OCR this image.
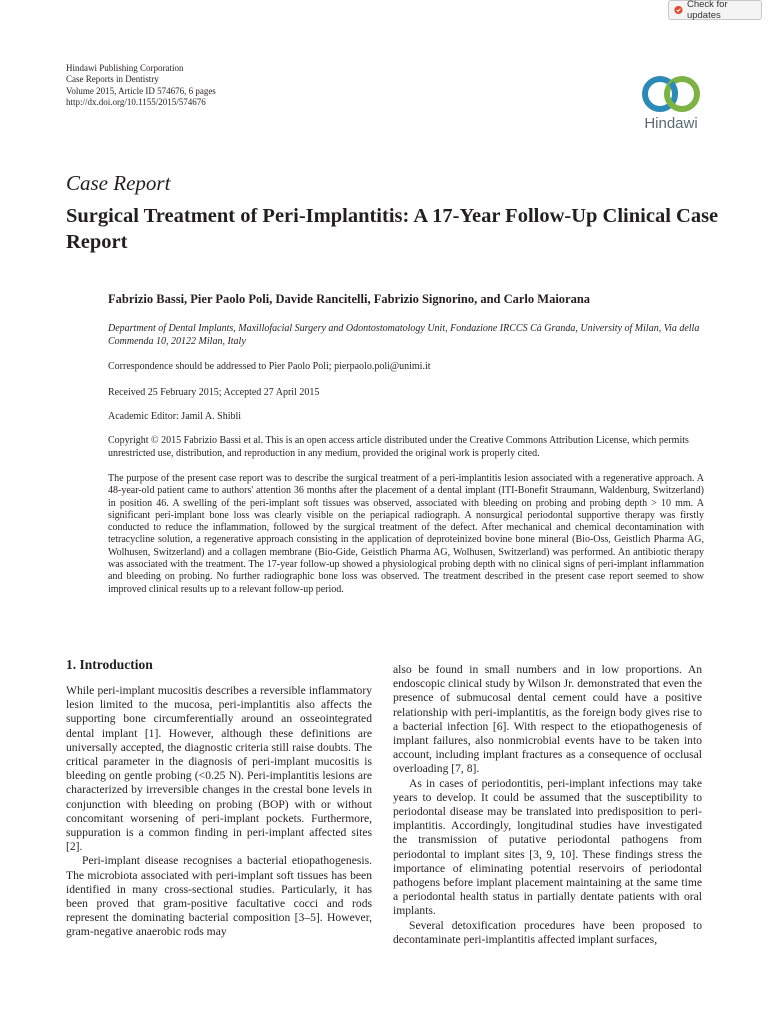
Check for updates
Hindawi Publishing Corporation
Case Reports in Dentistry
Volume 2015, Article ID 574676, 6 pages
http://dx.doi.org/10.1155/2015/574676
Hindawi
Case Report
Surgical Treatment of Peri-Implantitis: A 17-Year Follow-Up Clinical Case Report
Fabrizio Bassi, Pier Paolo Poli, Davide Rancitelli, Fabrizio Signorino, and Carlo Maiorana
Department of Dental Implants, Maxillofacial Surgery and Odontostomatology Unit, Fondazione IRCCS Cà Granda, University of Milan, Via della Commenda 10, 20122 Milan, Italy
Correspondence should be addressed to Pier Paolo Poli; pierpaolo.poli@unimi.it
Received 25 February 2015; Accepted 27 April 2015
Academic Editor: Jamil A. Shibli
Copyright © 2015 Fabrizio Bassi et al. This is an open access article distributed under the Creative Commons Attribution License, which permits unrestricted use, distribution, and reproduction in any medium, provided the original work is properly cited.
The purpose of the present case report was to describe the surgical treatment of a peri-implantitis lesion associated with a regenerative approach. A 48-year-old patient came to authors' attention 36 months after the placement of a dental implant (ITI-Bonefit Straumann, Waldenburg, Switzerland) in position 46. A swelling of the peri-implant soft tissues was observed, associated with bleeding on probing and probing depth > 10 mm. A significant peri-implant bone loss was clearly visible on the periapical radiograph. A nonsurgical periodontal supportive therapy was firstly conducted to reduce the inflammation, followed by the surgical treatment of the defect. After mechanical and chemical decontamination with tetracycline solution, a regenerative approach consisting in the application of deproteinized bovine bone mineral (Bio-Oss, Geistlich Pharma AG, Wolhusen, Switzerland) and a collagen membrane (Bio-Gide, Geistlich Pharma AG, Wolhusen, Switzerland) was performed. An antibiotic therapy was associated with the treatment. The 17-year follow-up showed a physiological probing depth with no clinical signs of peri-implant inflammation and bleeding on probing. No further radiographic bone loss was observed. The treatment described in the present case report seemed to show improved clinical results up to a relevant follow-up period.
1. Introduction

While peri-implant mucositis describes a reversible inflammatory lesion limited to the mucosa, peri-implantitis also affects the supporting bone circumferentially around an osseointegrated dental implant [1]. However, although these definitions are universally accepted, the diagnostic criteria still raise doubts. The critical parameter in the diagnosis of peri-implant mucositis is bleeding on gentle probing (<0.25 N). Peri-implantitis lesions are characterized by irreversible changes in the crestal bone levels in conjunction with bleeding on probing (BOP) with or without concomitant worsening of peri-implant pockets. Furthermore, suppuration is a common finding in peri-implant affected sites [2].

Peri-implant disease recognises a bacterial etiopathogenesis. The microbiota associated with peri-implant soft tissues has been identified in many cross-sectional studies. Particularly, it has been proved that gram-positive facultative cocci and rods represent the dominating bacterial composition [3–5]. However, gram-negative anaerobic rods may

also be found in small numbers and in low proportions. An endoscopic clinical study by Wilson Jr. demonstrated that even the presence of submucosal dental cement could have a positive relationship with peri-implantitis, as the foreign body gives rise to a bacterial infection [6]. With respect to the etiopathogenesis of implant failures, also nonmicrobial events have to be taken into account, including implant fractures as a consequence of occlusal overloading [7, 8].

As in cases of periodontitis, peri-implant infections may take years to develop. It could be assumed that the susceptibility to periodontal disease may be translated into predisposition to peri-implantitis. Accordingly, longitudinal studies have investigated the transmission of putative periodontal pathogens from periodontal to implant sites [3, 9, 10]. These findings stress the importance of eliminating potential reservoirs of periodontal pathogens before implant placement maintaining at the same time a periodontal health status in partially dentate patients with oral implants.

Several detoxification procedures have been proposed to decontaminate peri-implantitis affected implant surfaces,
